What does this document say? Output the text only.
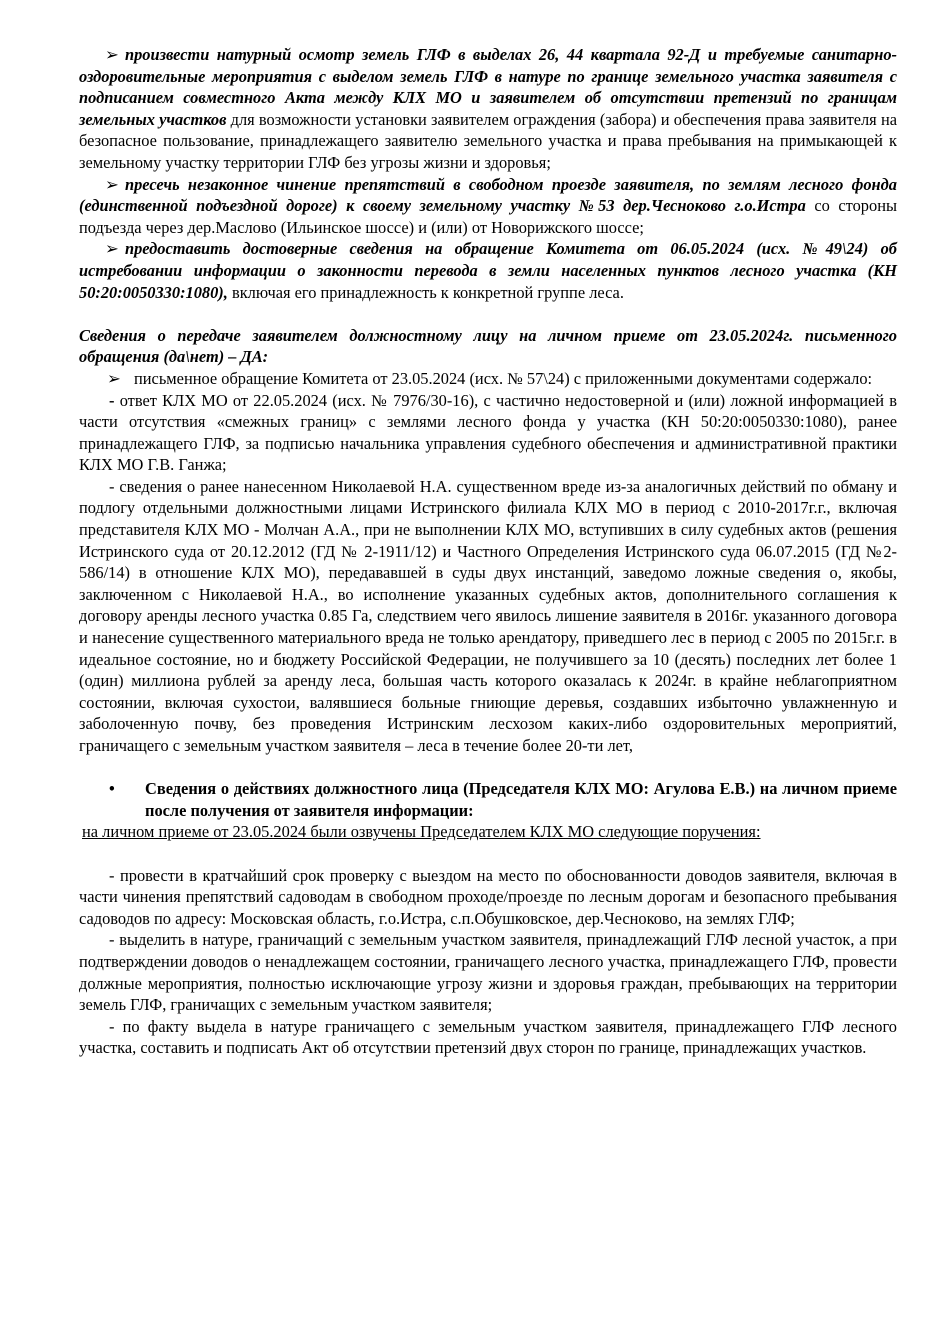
➢ произвести натурный осмотр земель ГЛФ в выделах 26, 44 квартала 92-Д и требуемые санитарно-оздоровительные мероприятия с выделом земель ГЛФ в натуре по границе земельного участка заявителя с подписанием совместного Акта между КЛХ МО и заявителем об отсутствии претензий по границам земельных участков для возможности установки заявителем ограждения (забора) и обеспечения права заявителя на безопасное пользование, принадлежащего заявителю земельного участка и права пребывания на примыкающей к земельному участку территории ГЛФ без угрозы жизни и здоровья;

➢ пресечь незаконное чинение препятствий в свободном проезде заявителя, по землям лесного фонда (единственной подъездной дороге) к своему земельному участку №53 дер.Чесноково г.о.Истра со стороны подъезда через дер.Маслово (Ильинское шоссе) и (или) от Новорижского шоссе;

➢ предоставить достоверные сведения на обращение Комитета от 06.05.2024 (исх. №49\24) об истребовании информации о законности перевода в земли населенных пунктов лесного участка (КН 50:20:0050330:1080), включая его принадлежность к конкретной группе леса.

Сведения о передаче заявителем должностному лицу на личном приеме от 23.05.2024г. письменного обращения (да\нет) – ДА:

➢ письменное обращение Комитета от 23.05.2024 (исх. № 57\24) с приложенными документами содержало:

- ответ КЛХ МО от 22.05.2024 (исх. № 7976/30-16), с частично недостоверной и (или) ложной информацией в части отсутствия «смежных границ» с землями лесного фонда у участка (КН 50:20:0050330:1080), ранее принадлежащего ГЛФ, за подписью начальника управления судебного обеспечения и административной практики КЛХ МО Г.В. Ганжа;

- сведения о ранее нанесенном Николаевой Н.А. существенном вреде из-за аналогичных действий по обману и подлогу отдельными должностными лицами Истринского филиала КЛХ МО в период с 2010-2017г.г., включая представителя КЛХ МО - Молчан А.А., при не выполнении КЛХ МО, вступивших в силу судебных актов (решения Истринского суда от 20.12.2012 (ГД № 2-1911/12) и Частного Определения Истринского суда 06.07.2015 (ГД №2-586/14) в отношение КЛХ МО), передававшей в суды двух инстанций, заведомо ложные сведения о, якобы, заключенном с Николаевой Н.А., во исполнение указанных судебных актов, дополнительного соглашения к договору аренды лесного участка 0.85 Га, следствием чего явилось лишение заявителя в 2016г. указанного договора и нанесение существенного материального вреда не только арендатору, приведшего лес в период с 2005 по 2015г.г. в идеальное состояние, но и бюджету Российской Федерации, не получившего за 10 (десять) последних лет более 1 (один) миллиона рублей за аренду леса, большая часть которого оказалась к 2024г. в крайне неблагоприятном состоянии, включая сухостои, валявшиеся больные гниющие деревья, создавших избыточно увлажненную и заболоченную почву, без проведения Истринским лесхозом каких-либо оздоровительных мероприятий, граничащего с земельным участком заявителя – леса в течение более 20-ти лет,

• Сведения о действиях должностного лица (Председателя КЛХ МО: Агулова Е.В.) на личном приеме после получения от заявителя информации:

на личном приеме от 23.05.2024 были озвучены Председателем КЛХ МО следующие поручения:

- провести в кратчайший срок проверку с выездом на место по обоснованности доводов заявителя, включая в части чинения препятствий садоводам в свободном проходе/проезде по лесным дорогам и безопасного пребывания садоводов по адресу: Московская область, г.о.Истра, с.п.Обушковское, дер.Чесноково, на землях ГЛФ;

- выделить в натуре, граничащий с земельным участком заявителя, принадлежащий ГЛФ лесной участок, а при подтверждении доводов о ненадлежащем состоянии, граничащего лесного участка, принадлежащего ГЛФ, провести должные мероприятия, полностью исключающие угрозу жизни и здоровья граждан, пребывающих на территории земель ГЛФ, граничащих с земельным участком заявителя;

- по факту выдела в натуре граничащего с земельным участком заявителя, принадлежащего ГЛФ лесного участка, составить и подписать Акт об отсутствии претензий двух сторон по границе, принадлежащих участков.
